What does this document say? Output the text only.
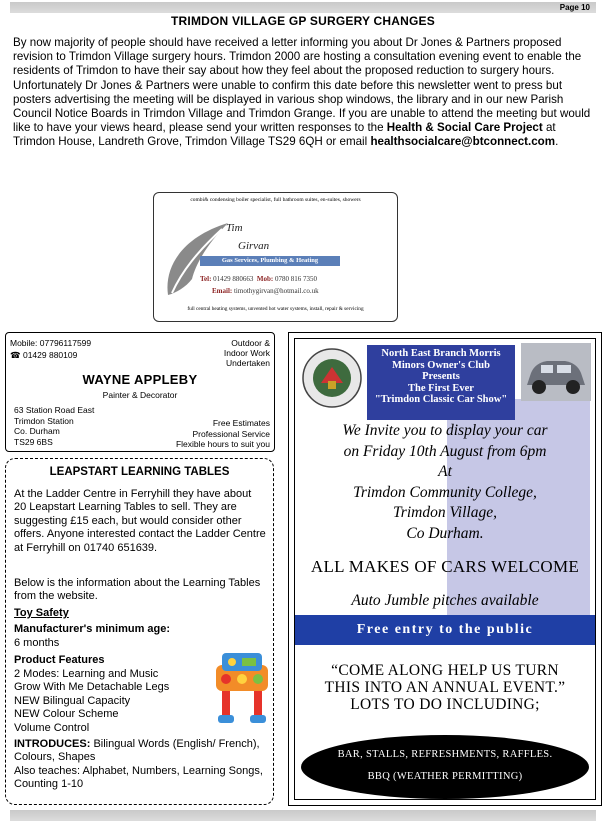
Page 10
TRIMDON VILLAGE GP SURGERY CHANGES
By now majority of people should have received a letter informing you about Dr Jones & Partners proposed revision to Trimdon Village surgery hours. Trimdon 2000 are hosting a consultation evening event to enable the residents of Trimdon to have their say about how they feel about the proposed reduction to surgery hours. Unfortunately Dr Jones & Partners were unable to confirm this date before this newsletter went to press but posters advertising the meeting will be displayed in various shop windows, the library and in our new Parish Council Notice Boards in Trimdon Village and Trimdon Grange. If you are unable to attend the meeting but would like to have your views heard, please send your written responses to the Health & Social Care Project at Trimdon House, Landreth Grove, Trimdon Village TS29 6QH or email healthsocialcare@btconnect.com.
combi& condensing boiler specialist, full bathroom suites, en-suites, showers
Tim
Girvan
Gas Services, Plumbing & Heating
Tel: 01429 880663 Mob: 0780 816 7350
Email: timothygirvan@hotmail.co.uk
full central heating systems, unvented hot water systems, install, repair & servicing
Mobile: 07796117599
☎ 01429 880109
Outdoor &
Indoor Work
Undertaken
WAYNE APPLEBY
Painter & Decorator
63 Station Road East
Trimdon Station
Co. Durham
TS29 6BS
Free Estimates
Professional Service
Flexible hours to suit you
LEAPSTART LEARNING TABLES
At the Ladder Centre in Ferryhill they have about 20 Leapstart Learning Tables to sell. They are suggesting £15 each, but would consider other offers. Anyone interested contact the Ladder Centre at Ferryhill on 01740 651639.
Below is the information about the Learning Tables from the website.
Toy Safety
Manufacturer's minimum age:
6 months
Product Features
2 Modes: Learning and Music
Grow With Me Detachable Legs
NEW Bilingual Capacity
NEW Colour Scheme
Volume Control
INTRODUCES: Bilingual Words (English/ French), Colours, Shapes
Also teaches: Alphabet, Numbers, Learning Songs, Counting 1-10
North East Branch Morris
Minors Owner's Club
Presents
The First Ever
"Trimdon Classic Car Show"
We Invite you to display your car
on Friday 10th August from 6pm
At
Trimdon Community College,
Trimdon Village,
Co Durham.
ALL MAKES OF CARS WELCOME
Auto Jumble pitches available
Free entry to the public
“COME ALONG HELP US TURN
THIS INTO AN ANNUAL EVENT.”
LOTS TO DO INCLUDING;
BAR, STALLS, REFRESHMENTS, RAFFLES.
BBQ (WEATHER PERMITTING)
